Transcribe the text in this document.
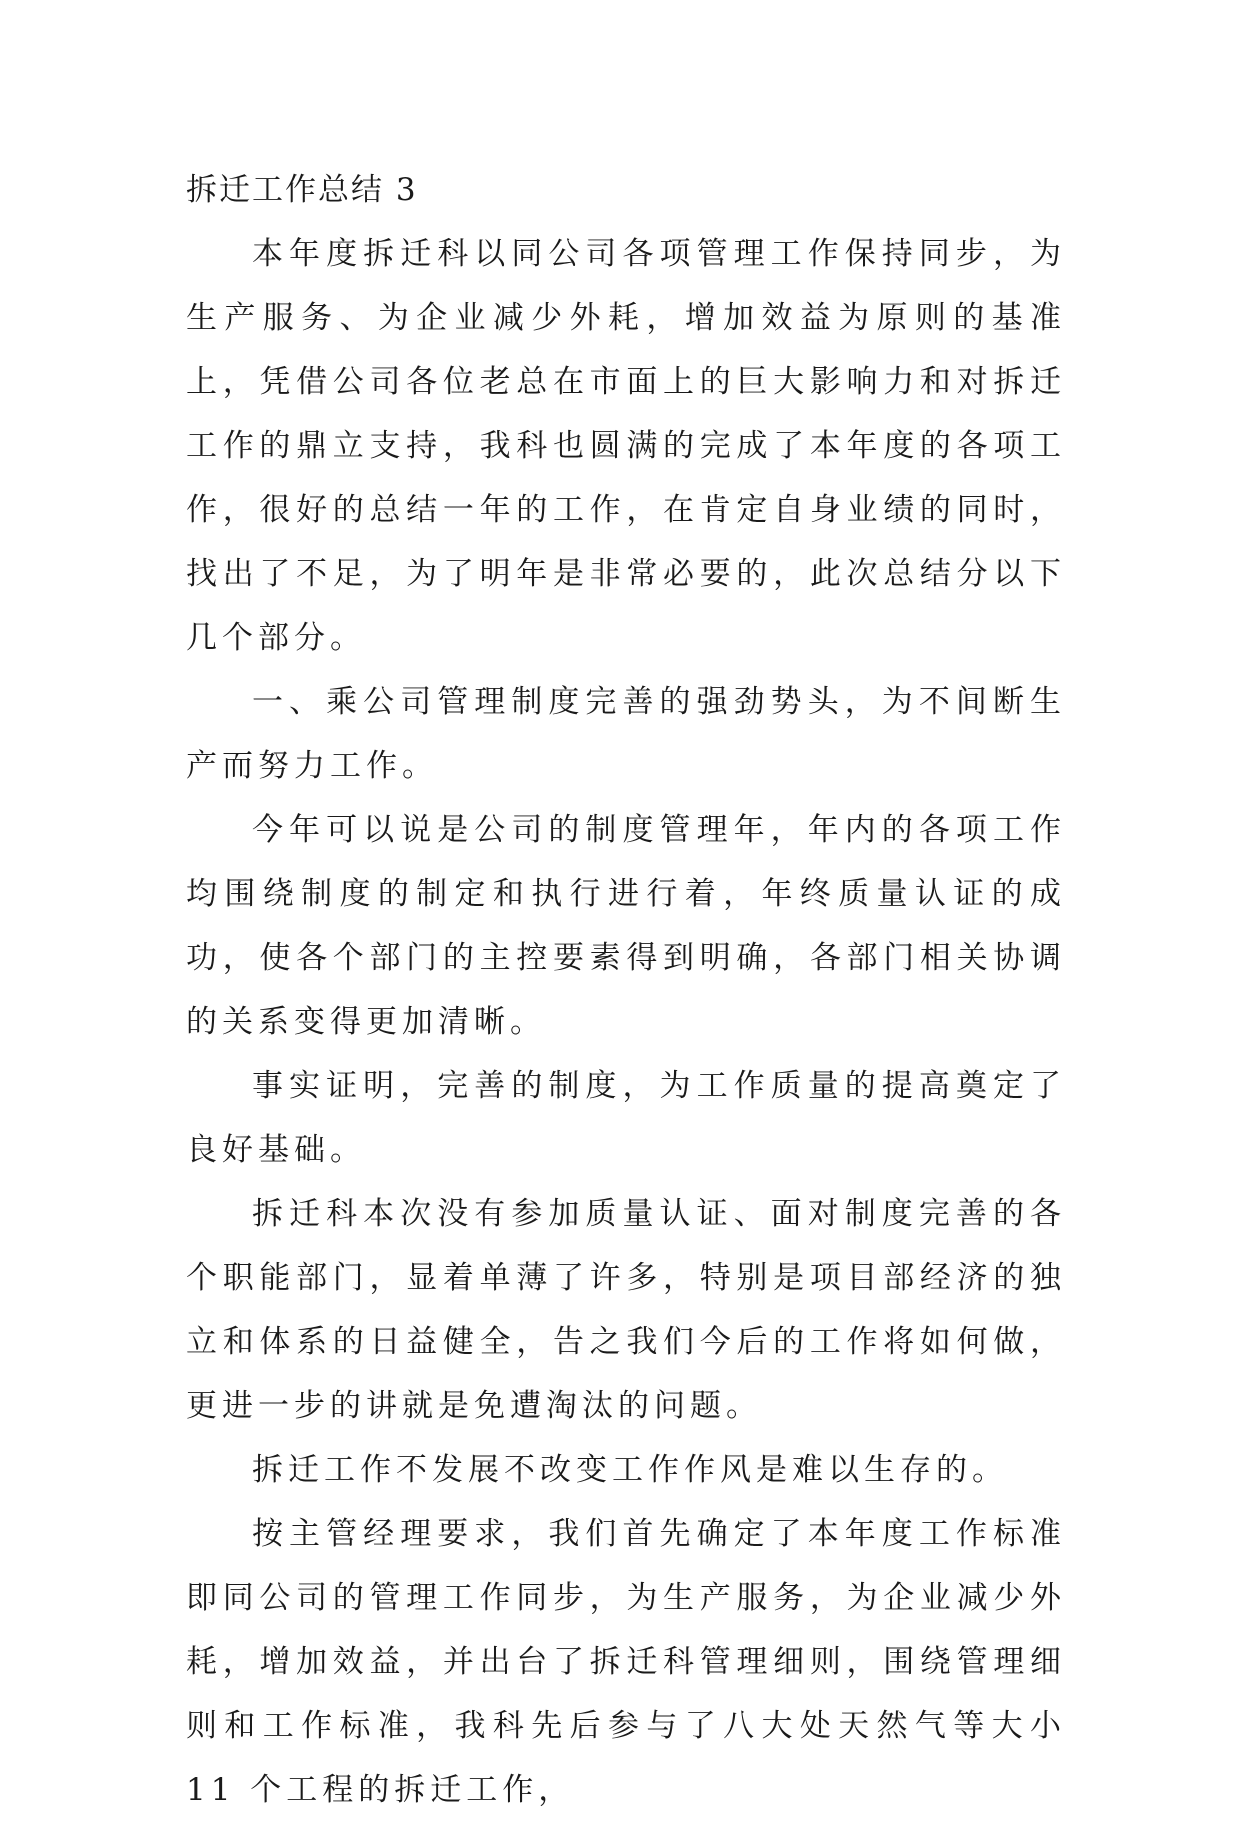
拆迁工作总结 3

本年度拆迁科以同公司各项管理工作保持同步，为生产服务、为企业减少外耗，增加效益为原则的基准上，凭借公司各位老总在市面上的巨大影响力和对拆迁工作的鼎立支持，我科也圆满的完成了本年度的各项工作，很好的总结一年的工作，在肯定自身业绩的同时，找出了不足，为了明年是非常必要的，此次总结分以下几个部分。

一、乘公司管理制度完善的强劲势头，为不间断生产而努力工作。

今年可以说是公司的制度管理年，年内的各项工作均围绕制度的制定和执行进行着，年终质量认证的成功，使各个部门的主控要素得到明确，各部门相关协调的关系变得更加清晰。

事实证明，完善的制度，为工作质量的提高奠定了良好基础。

拆迁科本次没有参加质量认证、面对制度完善的各个职能部门，显着单薄了许多，特别是项目部经济的独立和体系的日益健全，告之我们今后的工作将如何做，更进一步的讲就是免遭淘汰的问题。

拆迁工作不发展不改变工作作风是难以生存的。

按主管经理要求，我们首先确定了本年度工作标准即同公司的管理工作同步，为生产服务，为企业减少外耗，增加效益，并出台了拆迁科管理细则，围绕管理细则和工作标准，我科先后参与了八大处天然气等大小 11 个工程的拆迁工作，
